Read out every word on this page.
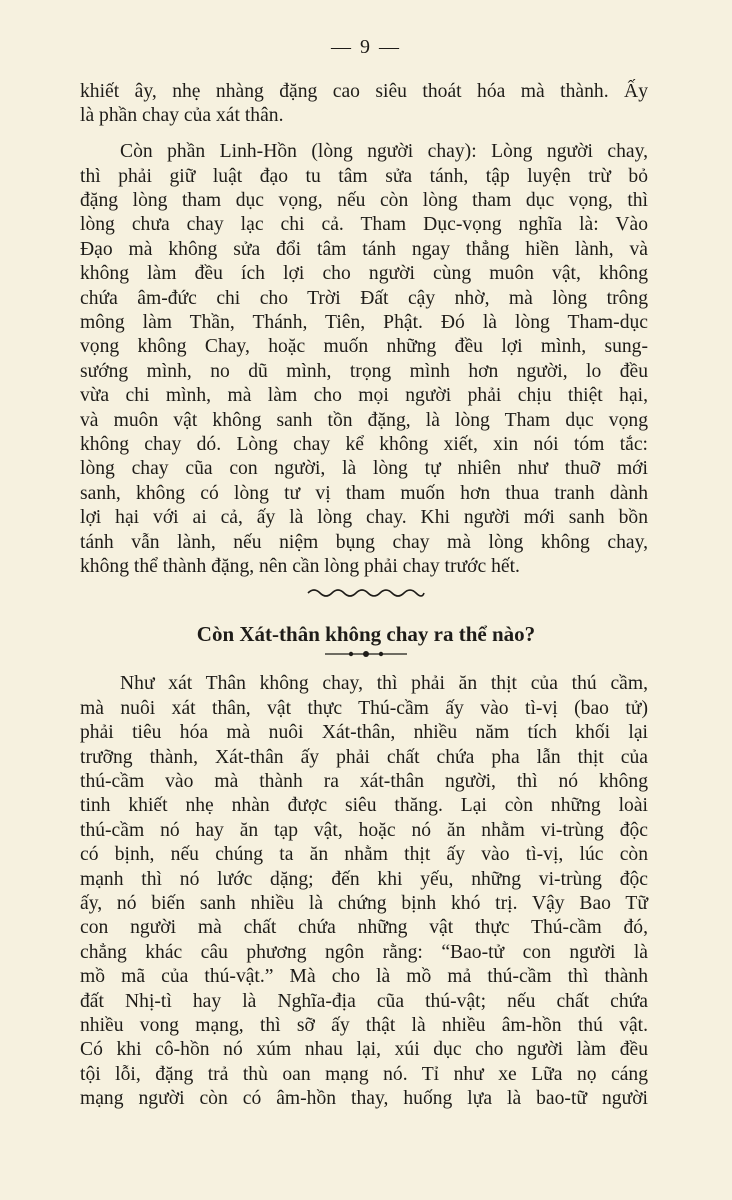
— 9 —
khiết ây, nhẹ nhàng đặng cao siêu thoát hóa mà thành. Ấy
là phần chay của xát thân.
Còn phần Linh-Hồn (lòng người chay): Lòng người chay,
thì phải giữ luật đạo tu tâm sửa tánh, tập luyện trừ bỏ
đặng lòng tham dục vọng, nếu còn lòng tham dục vọng, thì
lòng chưa chay lạc chi cả. Tham Dục-vọng nghĩa là: Vào
Đạo mà không sửa đổi tâm tánh ngay thẳng hiền lành, và
không làm đều ích lợi cho người cùng muôn vật, không
chứa âm-đức chi cho Trời Đất cậy nhờ, mà lòng trông
mông làm Thần, Thánh, Tiên, Phật. Đó là lòng Tham-dục
vọng không Chay, hoặc muốn những đều lợi mình, sung-
sướng mình, no dũ mình, trọng mình hơn người, lo đều
vừa chi mình, mà làm cho mọi người phải chịu thiệt hại,
và muôn vật không sanh tồn đặng, là lòng Tham dục vọng
không chay dó. Lòng chay kể không xiết, xin nói tóm tắc:
lòng chay cũa con người, là lòng tự nhiên như thuỡ mới
sanh, không có lòng tư vị tham muốn hơn thua tranh dành
lợi hại với ai cả, ấy là lòng chay. Khi người mới sanh bồn
tánh vẫn lành, nếu niệm bụng chay mà lòng không chay,
không thể thành đặng, nên cần lòng phải chay trước hết.
Còn Xát-thân không chay ra thể nào?
Như xát Thân không chay, thì phải ăn thịt của thú cầm,
mà nuôi xát thân, vật thực Thú-cầm ấy vào tì-vị (bao tử)
phải tiêu hóa mà nuôi Xát-thân, nhiều năm tích khối lại
trưỡng thành, Xát-thân ấy phải chất chứa pha lẫn thịt của
thú-cầm vào mà thành ra xát-thân người, thì nó không
tinh khiết nhẹ nhàn được siêu thăng. Lại còn những loài
thú-cầm nó hay ăn tạp vật, hoặc nó ăn nhằm vi-trùng độc
có bịnh, nếu chúng ta ăn nhằm thịt ấy vào tì-vị, lúc còn
mạnh thì nó lước dặng; đến khi yếu, những vi-trùng độc
ấy, nó biến sanh nhiều là chứng bịnh khó trị. Vậy Bao Tữ
con người mà chất chứa những vật thực Thú-cầm đó,
chẳng khác câu phương ngôn rằng: “Bao-tử con người là
mồ mã của thú-vật.” Mà cho là mồ mả thú-cầm thì thành
đất Nhị-tì hay là Nghĩa-địa cũa thú-vật; nếu chất chứa
nhiều vong mạng, thì sỡ ấy thật là nhiều âm-hồn thú vật.
Có khi cô-hồn nó xúm nhau lại, xúi dục cho người làm đều
tội lỗi, đặng trả thù oan mạng nó. Tỉ như xe Lữa nọ cáng
mạng người còn có âm-hồn thay, huống lựa là bao-tữ người
